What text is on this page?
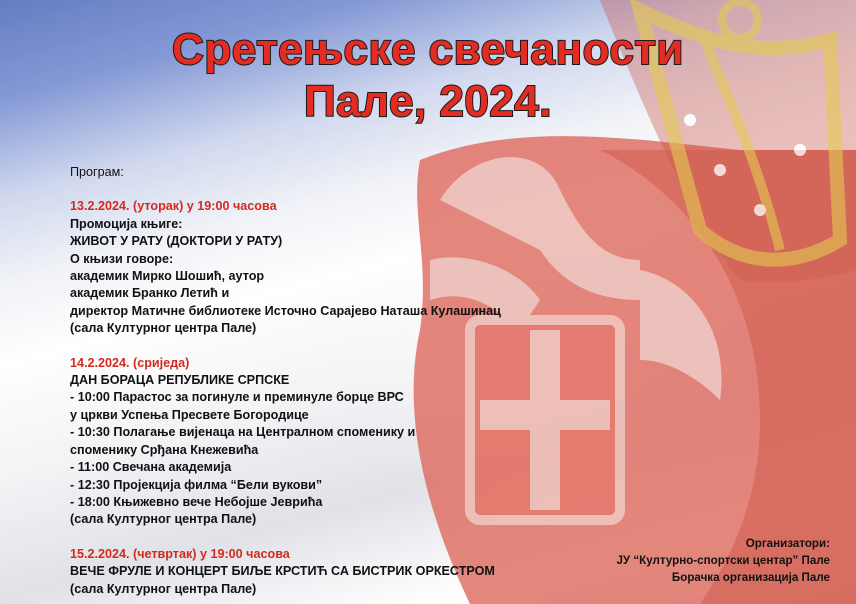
Сретењске свечаности
Пале, 2024.
Програм:
13.2.2024. (уторак) у 19:00 часова
Промоција књиге:
ЖИВОТ У РАТУ (ДОКТОРИ У РАТУ)
О књизи говоре:
академик Мирко Шошић, аутор
академик Бранко Летић и
директор Матичне библиотеке Источно Сарајево Наташа Кулашинац
(сала Културног центра Пале)
14.2.2024. (сриједа)
ДАН БОРАЦА РЕПУБЛИКЕ СРПСКЕ
- 10:00 Парастос за погинуле и преминуле борце ВРС
у цркви Успења Пресвете Богородице
- 10:30 Полагање вијенаца на Централном споменику и
споменику Срђана Кнежевића
- 11:00 Свечана академија
- 12:30 Пројекција филма “Бели вукови”
- 18:00 Књижевно вече Небојше Јеврића
(сала Културног центра Пале)
15.2.2024. (четвртак) у 19:00 часова
ВЕЧЕ ФРУЛЕ И КОНЦЕРТ БИЉЕ КРСТИЋ СА БИСТРИК ОРКЕСТРОМ
(сала Културног центра Пале)
Организатори:
ЈУ “Културно-спортски центар” Пале
Борачка организација Пале
